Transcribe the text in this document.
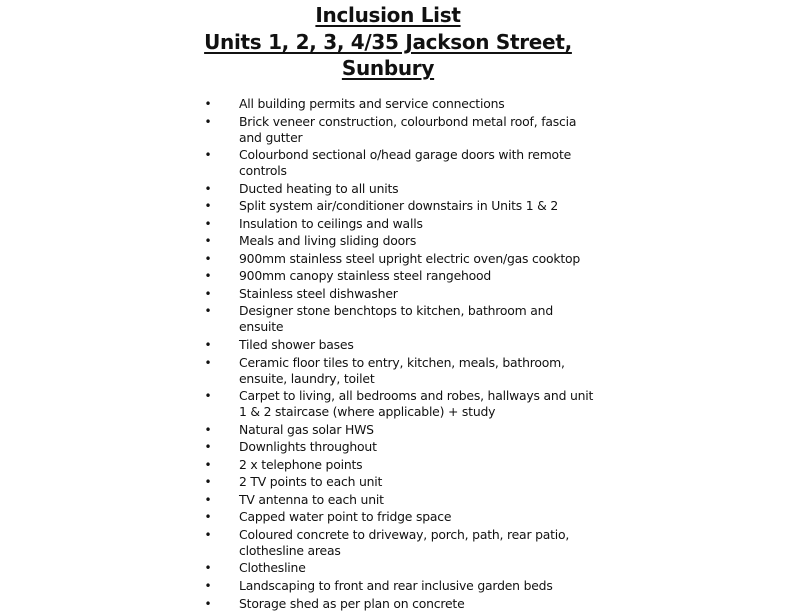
Inclusion List
Units 1, 2, 3, 4/35 Jackson Street,
Sunbury
• All building permits and service connections
• Brick veneer construction, colourbond metal roof, fascia and gutter
• Colourbond sectional o/head garage doors with remote controls
• Ducted heating to all units
• Split system air/conditioner downstairs in Units 1 & 2
• Insulation to ceilings and walls
• Meals and living sliding doors
• 900mm stainless steel upright electric oven/gas cooktop
• 900mm canopy stainless steel rangehood
• Stainless steel dishwasher
• Designer stone benchtops to kitchen, bathroom and ensuite
• Tiled shower bases
• Ceramic floor tiles to entry, kitchen, meals, bathroom, ensuite, laundry, toilet
• Carpet to living, all bedrooms and robes, hallways and unit 1 & 2 staircase (where applicable) + study
• Natural gas solar HWS
• Downlights throughout
• 2 x telephone points
• 2 TV points to each unit
• TV antenna to each unit
• Capped water point to fridge space
• Coloured concrete to driveway, porch, path, rear patio, clothesline areas
• Clothesline
• Landscaping to front and rear inclusive garden beds
• Storage shed as per plan on concrete
